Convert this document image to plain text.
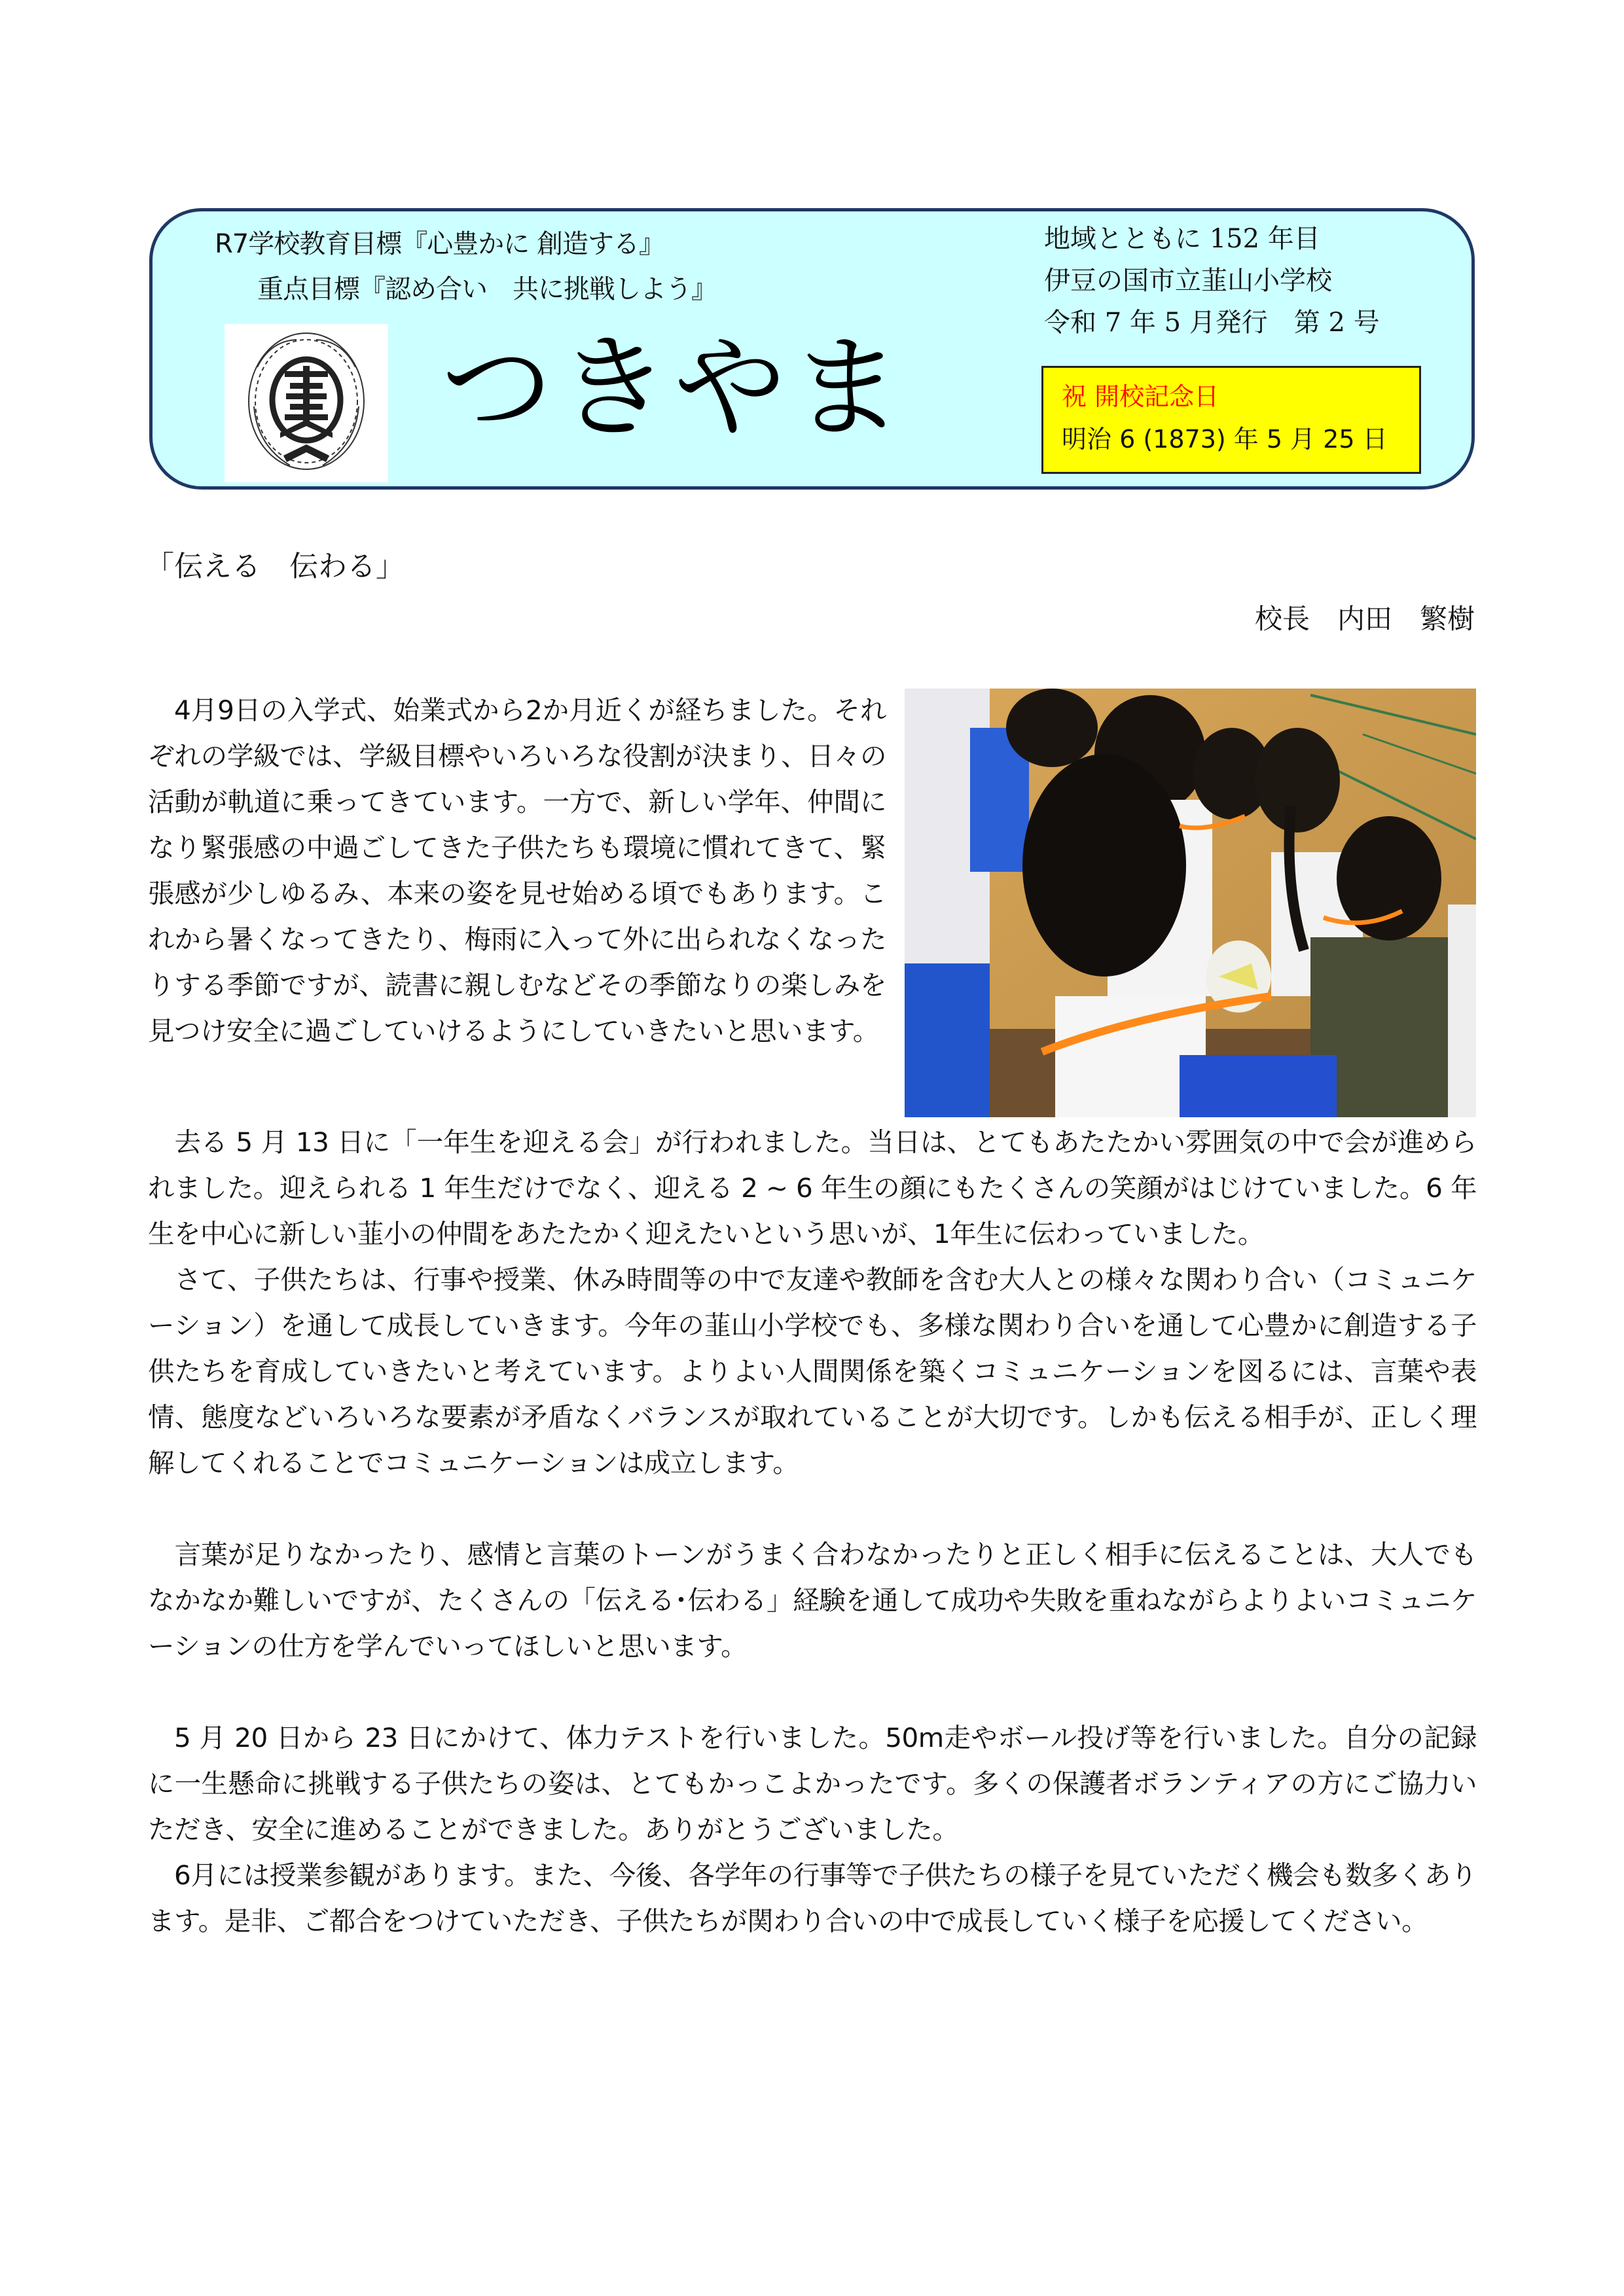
R7学校教育目標『心豊かに 創造する』
重点目標『認め合い　共に挑戦しよう』
つきやま
地域とともに 152 年目
伊豆の国市立韮山小学校
令和 7 年 5 月発行　第 2 号
祝 開校記念日
明治 6 (1873) 年 5 月 25 日
「伝える　伝わる」
校長　内田　繁樹

4月9日の入学式、始業式から2か月近くが経ちました。それぞれの学級では、学級目標やいろいろな役割が決まり、日々の活動が軌道に乗ってきています。一方で、新しい学年、仲間になり緊張感の中過ごしてきた子供たちも環境に慣れてきて、緊張感が少しゆるみ、本来の姿を見せ始める頃でもあります。これから暑くなってきたり、梅雨に入って外に出られなくなったりする季節ですが、読書に親しむなどその季節なりの楽しみを見つけ安全に過ごしていけるようにしていきたいと思います。

去る 5 月 13 日に「一年生を迎える会」が行われました。当日は、とてもあたたかい雰囲気の中で会が進められました。迎えられる 1 年生だけでなく、迎える 2 ~ 6 年生の顔にもたくさんの笑顔がはじけていました。6 年生を中心に新しい韮小の仲間をあたたかく迎えたいという思いが、1年生に伝わっていました。

さて、子供たちは、行事や授業、休み時間等の中で友達や教師を含む大人との様々な関わり合い（コミュニケーション）を通して成長していきます。今年の韮山小学校でも、多様な関わり合いを通して心豊かに創造する子供たちを育成していきたいと考えています。よりよい人間関係を築くコミュニケーションを図るには、言葉や表情、態度などいろいろな要素が矛盾なくバランスが取れていることが大切です。しかも伝える相手が、正しく理解してくれることでコミュニケーションは成立します。

言葉が足りなかったり、感情と言葉のトーンがうまく合わなかったりと正しく相手に伝えることは、大人でもなかなか難しいですが、たくさんの「伝える･伝わる」経験を通して成功や失敗を重ねながらよりよいコミュニケーションの仕方を学んでいってほしいと思います。

5 月 20 日から 23 日にかけて、体力テストを行いました。50m走やボール投げ等を行いました。自分の記録に一生懸命に挑戦する子供たちの姿は、とてもかっこよかったです。多くの保護者ボランティアの方にご協力いただき、安全に進めることができました。ありがとうございました。

6月には授業参観があります。また、今後、各学年の行事等で子供たちの様子を見ていただく機会も数多くあります。是非、ご都合をつけていただき、子供たちが関わり合いの中で成長していく様子を応援してください。
